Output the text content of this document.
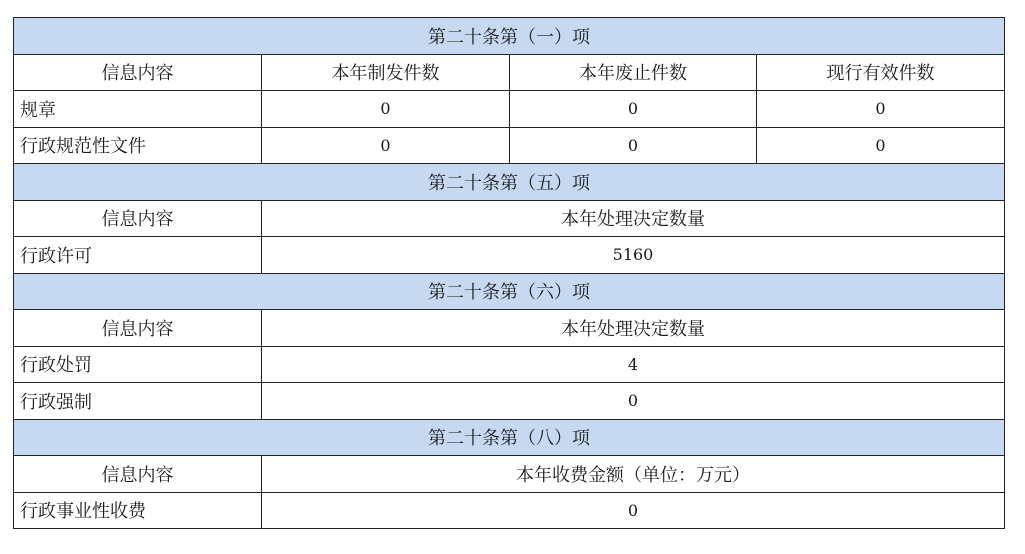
第二十条第（一）项			
信息内容	本年制发件数	本年废止件数	现行有效件数
规章	0	0	0
行政规范性文件	0	0	0
第二十条第（五）项			
信息内容	本年处理决定数量		
行政许可	5160		
第二十条第（六）项			
信息内容	本年处理决定数量		
行政处罚	4		
行政强制	0		
第二十条第（八）项			
信息内容	本年收费金额（单位：万元）		
行政事业性收费	0		
